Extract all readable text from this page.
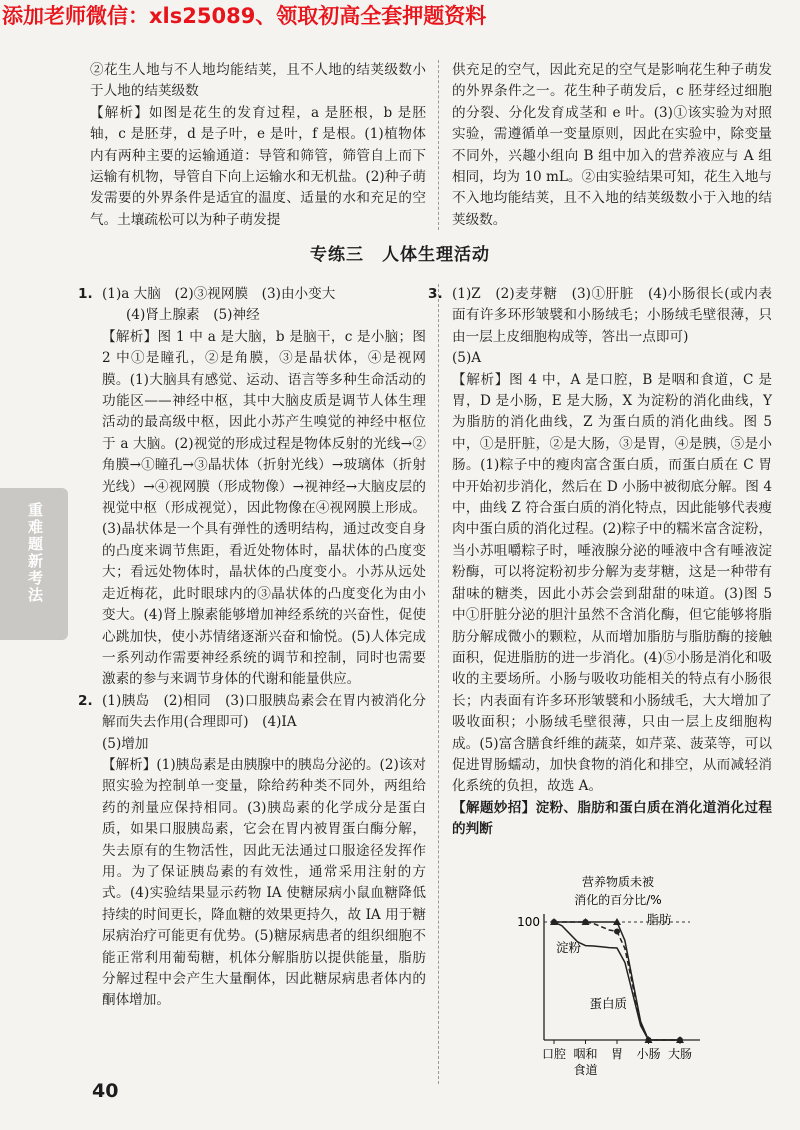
添加老师微信：xls25089、领取初高全套押题资料

②花生人地与不人地均能结荚，且不人地的结荚级数小于人地的结荚级数

【解析】如图是花生的发育过程，a 是胚根，b 是胚轴，c 是胚芽，d 是子叶，e 是叶，f 是根。(1)植物体内有两种主要的运输通道：导管和筛管，筛管自上而下运输有机物，导管自下向上运输水和无机盐。(2)种子萌发需要的外界条件是适宜的温度、适量的水和充足的空气。土壤疏松可以为种子萌发提

供充足的空气，因此充足的空气是影响花生种子萌发的外界条件之一。花生种子萌发后，c 胚芽经过细胞的分裂、分化发育成茎和 e 叶。(3)①该实验为对照实验，需遵循单一变量原则，因此在实验中，除变量不同外，兴趣小组向 B 组中加入的营养液应与 A 组相同，均为 10 mL。②由实验结果可知，花生入地与不入地均能结荚，且不入地的结荚级数小于入地的结荚级数。

专练三　人体生理活动
1. (1)a 大脑　(2)③视网膜　(3)由小变大

(4)肾上腺素　(5)神经

【解析】图 1 中 a 是大脑，b 是脑干，c 是小脑；图 2 中①是瞳孔，②是角膜，③是晶状体，④是视网膜。(1)大脑具有感觉、运动、语言等多种生命活动的功能区——神经中枢，其中大脑皮质是调节人体生理活动的最高级中枢，因此小苏产生嗅觉的神经中枢位于 a 大脑。(2)视觉的形成过程是物体反射的光线→②角膜→①瞳孔→③晶状体（折射光线）→玻璃体（折射光线）→④视网膜（形成物像）→视神经→大脑皮层的视觉中枢（形成视觉），因此物像在④视网膜上形成。(3)晶状体是一个具有弹性的透明结构，通过改变自身的凸度来调节焦距，看近处物体时，晶状体的凸度变大；看远处物体时，晶状体的凸度变小。小苏从远处走近梅花，此时眼球内的③晶状体的凸度变化为由小变大。(4)肾上腺素能够增加神经系统的兴奋性，促使心跳加快，使小苏情绪逐渐兴奋和愉悦。(5)人体完成一系列动作需要神经系统的调节和控制，同时也需要激素的参与来调节身体的代谢和能量供应。

2. (1)胰岛　(2)相同　(3)口服胰岛素会在胃内被消化分解而失去作用(合理即可)　(4)IA

(5)增加

【解析】(1)胰岛素是由胰腺中的胰岛分泌的。(2)该对照实验为控制单一变量，除给药种类不同外，两组给药的剂量应保持相同。(3)胰岛素的化学成分是蛋白质，如果口服胰岛素，它会在胃内被胃蛋白酶分解，失去原有的生物活性，因此无法通过口服途径发挥作用。为了保证胰岛素的有效性，通常采用注射的方式。(4)实验结果显示药物 IA 使糖尿病小鼠血糖降低持续的时间更长，降血糖的效果更持久，故 IA 用于糖尿病治疗可能更有优势。(5)糖尿病患者的组织细胞不能正常利用葡萄糖，机体分解脂肪以提供能量，脂肪分解过程中会产生大量酮体，因此糖尿病患者体内的酮体增加。

3. (1)Z　(2)麦芽糖　(3)①肝脏　(4)小肠很长(或内表面有许多环形皱襞和小肠绒毛；小肠绒毛壁很薄，只由一层上皮细胞构成等，答出一点即可)

(5)A

【解析】图 4 中，A 是口腔，B 是咽和食道，C 是胃，D 是小肠，E 是大肠，X 为淀粉的消化曲线，Y 为脂肪的消化曲线，Z 为蛋白质的消化曲线。图 5 中，①是肝脏，②是大肠，③是胃，④是胰，⑤是小肠。(1)粽子中的瘦肉富含蛋白质，而蛋白质在 C 胃中开始初步消化，然后在 D 小肠中被彻底分解。图 4 中，曲线 Z 符合蛋白质的消化特点，因此能够代表瘦肉中蛋白质的消化过程。(2)粽子中的糯米富含淀粉，当小苏咀嚼粽子时，唾液腺分泌的唾液中含有唾液淀粉酶，可以将淀粉初步分解为麦芽糖，这是一种带有甜味的糖类，因此小苏会尝到甜甜的味道。(3)图 5 中①肝脏分泌的胆汁虽然不含消化酶，但它能够将脂肪分解成微小的颗粒，从而增加脂肪与脂肪酶的接触面积，促进脂肪的进一步消化。(4)⑤小肠是消化和吸收的主要场所。小肠与吸收功能相关的特点有小肠很长；内表面有许多环形皱襞和小肠绒毛，大大增加了吸收面积；小肠绒毛壁很薄，只由一层上皮细胞构成。(5)富含膳食纤维的蔬菜，如芹菜、菠菜等，可以促进胃肠蠕动，加快食物的消化和排空，从而减轻消化系统的负担，故选 A。

【解题妙招】淀粉、脂肪和蛋白质在消化道消化过程的判断

营养物质未被消化的百分比/%
100
口腔 咽和食道
胃 小肠 大肠
淀粉
蛋白质
脂肪
重难题新考法
40
